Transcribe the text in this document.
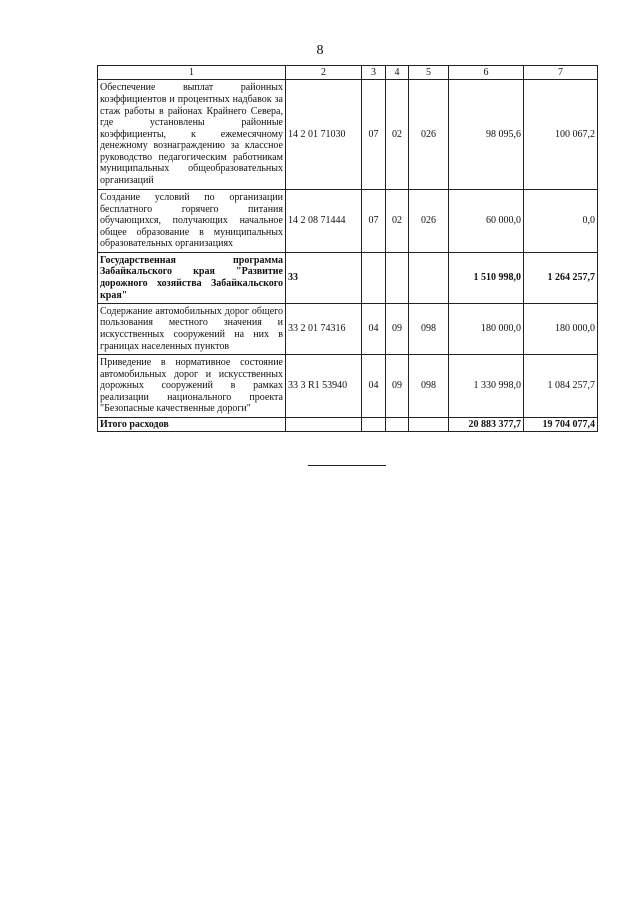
8
1	2	3	4	5	6	7
Обеспечение выплат районных коэффициентов и процентных надбавок за стаж работы в районах Крайнего Севера, где установлены районные коэффициенты, к ежемесячному денежному вознаграждению за классное руководство педагогическим работникам муниципальных общеобразовательных организаций	14 2 01 71030	07	02	026	98 095,6	100 067,2
Создание условий по организации бесплатного горячего питания обучающихся, получающих начальное общее образование в муниципальных образовательных организациях	14 2 08 71444	07	02	026	60 000,0	0,0
Государственная программа Забайкальского края "Развитие дорожного хозяйства Забайкальского края"	33				1 510 998,0	1 264 257,7
Содержание автомобильных дорог общего пользования местного значения и искусственных сооружений на них в границах населенных пунктов	33 2 01 74316	04	09	098	180 000,0	180 000,0
Приведение в нормативное состояние автомобильных дорог и искусственных дорожных сооружений в рамках реализации национального проекта "Безопасные качественные дороги"	33 3 R1 53940	04	09	098	1 330 998,0	1 084 257,7
Итого расходов					20 883 377,7	19 704 077,4
